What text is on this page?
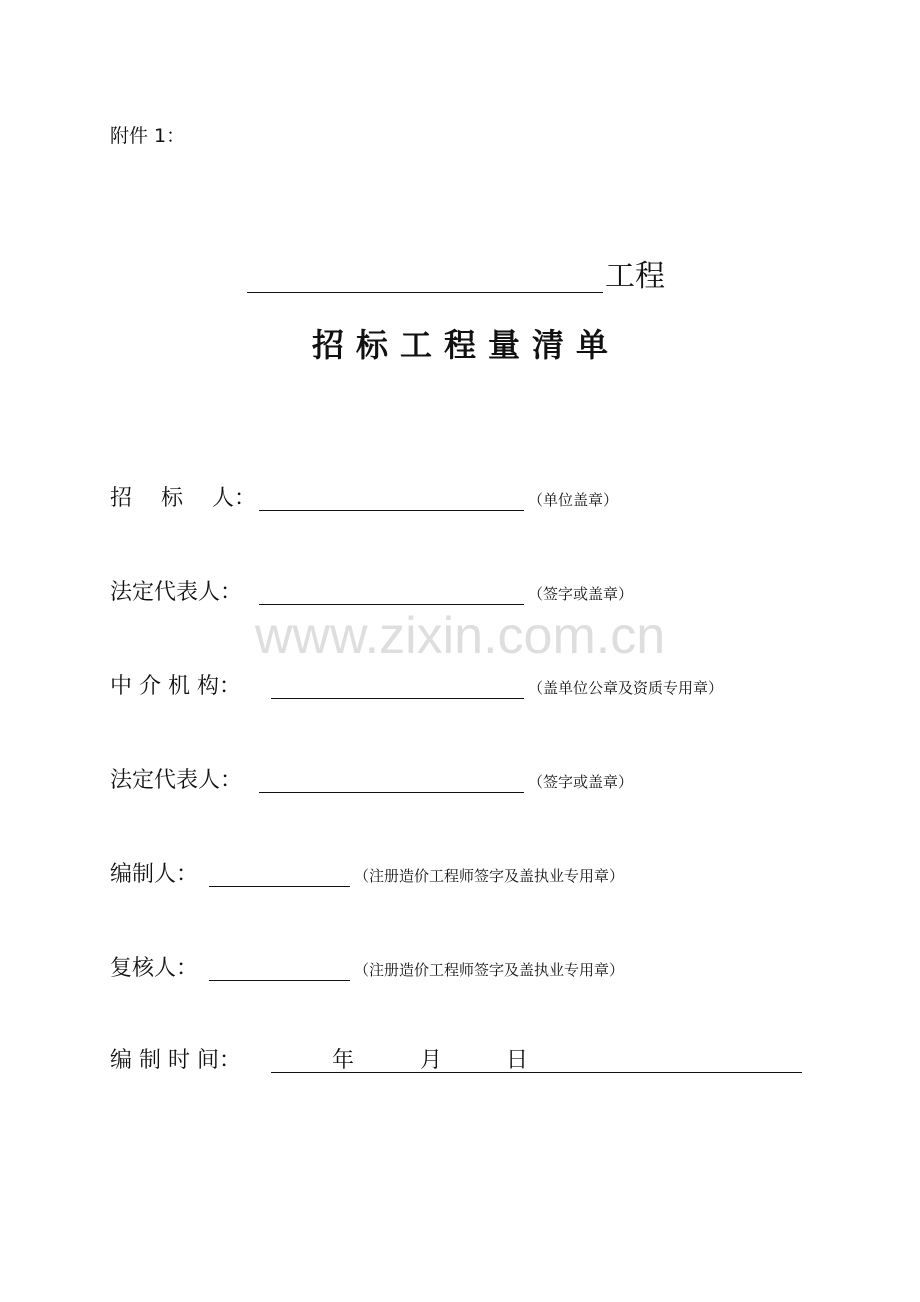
附件 1：
工程
招标工程量清单
招　 标　 人：	（单位盖章）
法定代表人：	（签字或盖章）
www.zixin.com.cn
中 介 机 构：	（盖单位公章及资质专用章）
法定代表人：	（签字或盖章）
编制人：	（注册造价工程师签字及盖执业专用章）
复核人：	（注册造价工程师签字及盖执业专用章）
编 制 时 间：	年	月	日
